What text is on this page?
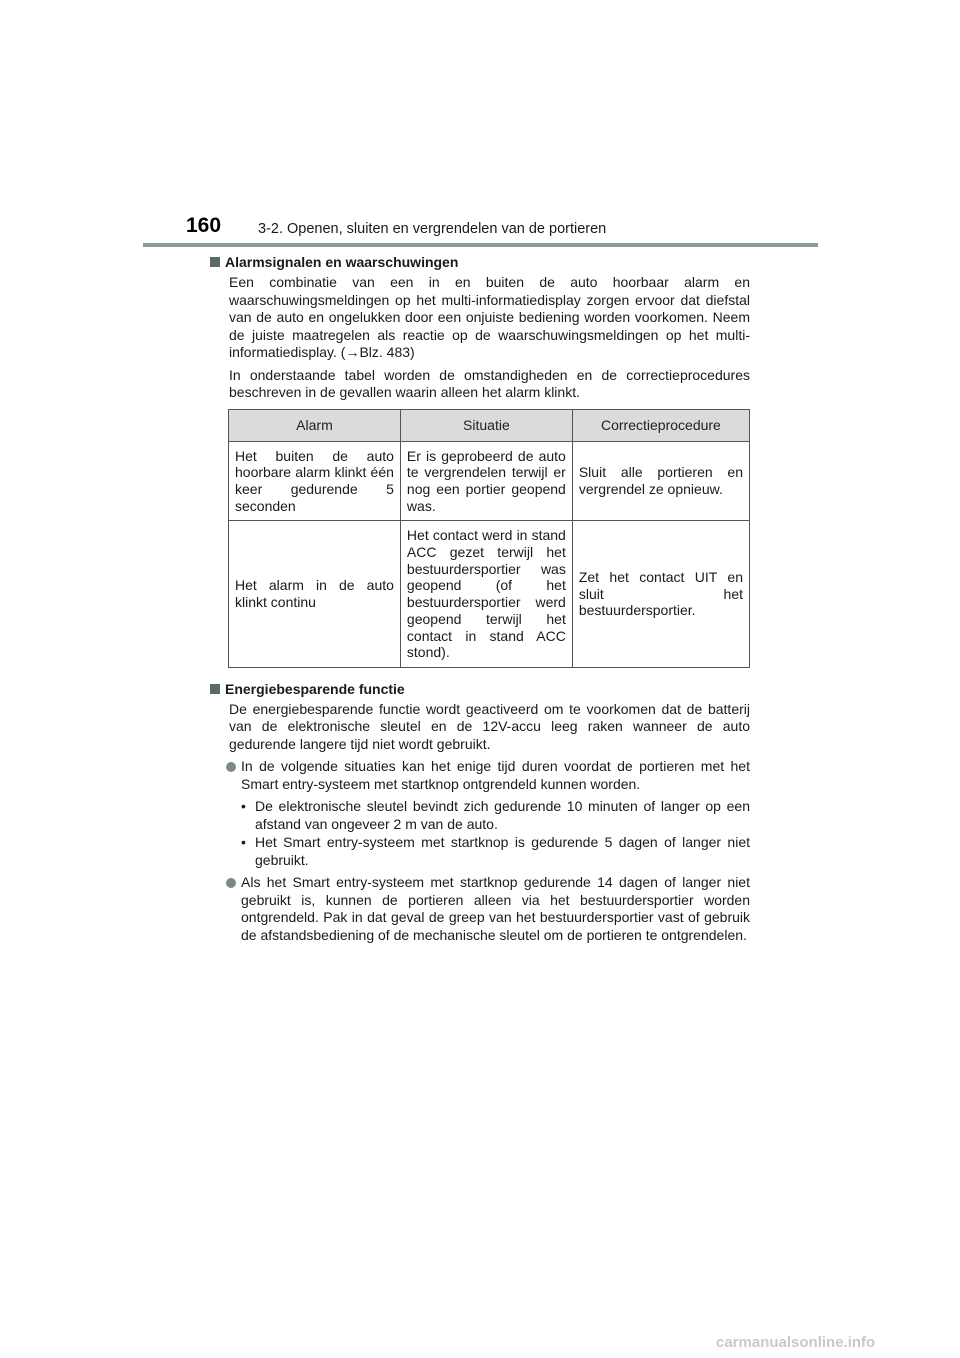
160	3-2. Openen, sluiten en vergrendelen van de portieren
Alarmsignalen en waarschuwingen

Een combinatie van een in en buiten de auto hoorbaar alarm en waarschuwingsmeldingen op het multi-informatiedisplay zorgen ervoor dat diefstal van de auto en ongelukken door een onjuiste bediening worden voorkomen. Neem de juiste maatregelen als reactie op de waarschuwingsmeldingen op het multi-informatiedisplay. (→Blz. 483)

In onderstaande tabel worden de omstandigheden en de correctieprocedures beschreven in de gevallen waarin alleen het alarm klinkt.

Alarm	Situatie	Correctieprocedure
Het buiten de auto hoorbare alarm klinkt één keer gedurende 5 seconden	Er is geprobeerd de auto te vergrendelen terwijl er nog een portier geopend was.	Sluit alle portieren en vergrendel ze opnieuw.
Het alarm in de auto klinkt continu	Het contact werd in stand ACC gezet terwijl het bestuurdersportier was geopend (of het bestuurdersportier werd geopend terwijl het contact in stand ACC stond).	Zet het contact UIT en sluit het bestuurdersportier.
Energiebesparende functie

De energiebesparende functie wordt geactiveerd om te voorkomen dat de batterij van de elektronische sleutel en de 12V-accu leeg raken wanneer de auto gedurende langere tijd niet wordt gebruikt.

In de volgende situaties kan het enige tijd duren voordat de portieren met het Smart entry-systeem met startknop ontgrendeld kunnen worden.
• De elektronische sleutel bevindt zich gedurende 10 minuten of langer op een afstand van ongeveer 2 m van de auto.
• Het Smart entry-systeem met startknop is gedurende 5 dagen of langer niet gebruikt.
Als het Smart entry-systeem met startknop gedurende 14 dagen of langer niet gebruikt is, kunnen de portieren alleen via het bestuurdersportier worden ontgrendeld. Pak in dat geval de greep van het bestuurdersportier vast of gebruik de afstandsbediening of de mechanische sleutel om de portieren te ontgrendelen.
carmanualsonline.info
